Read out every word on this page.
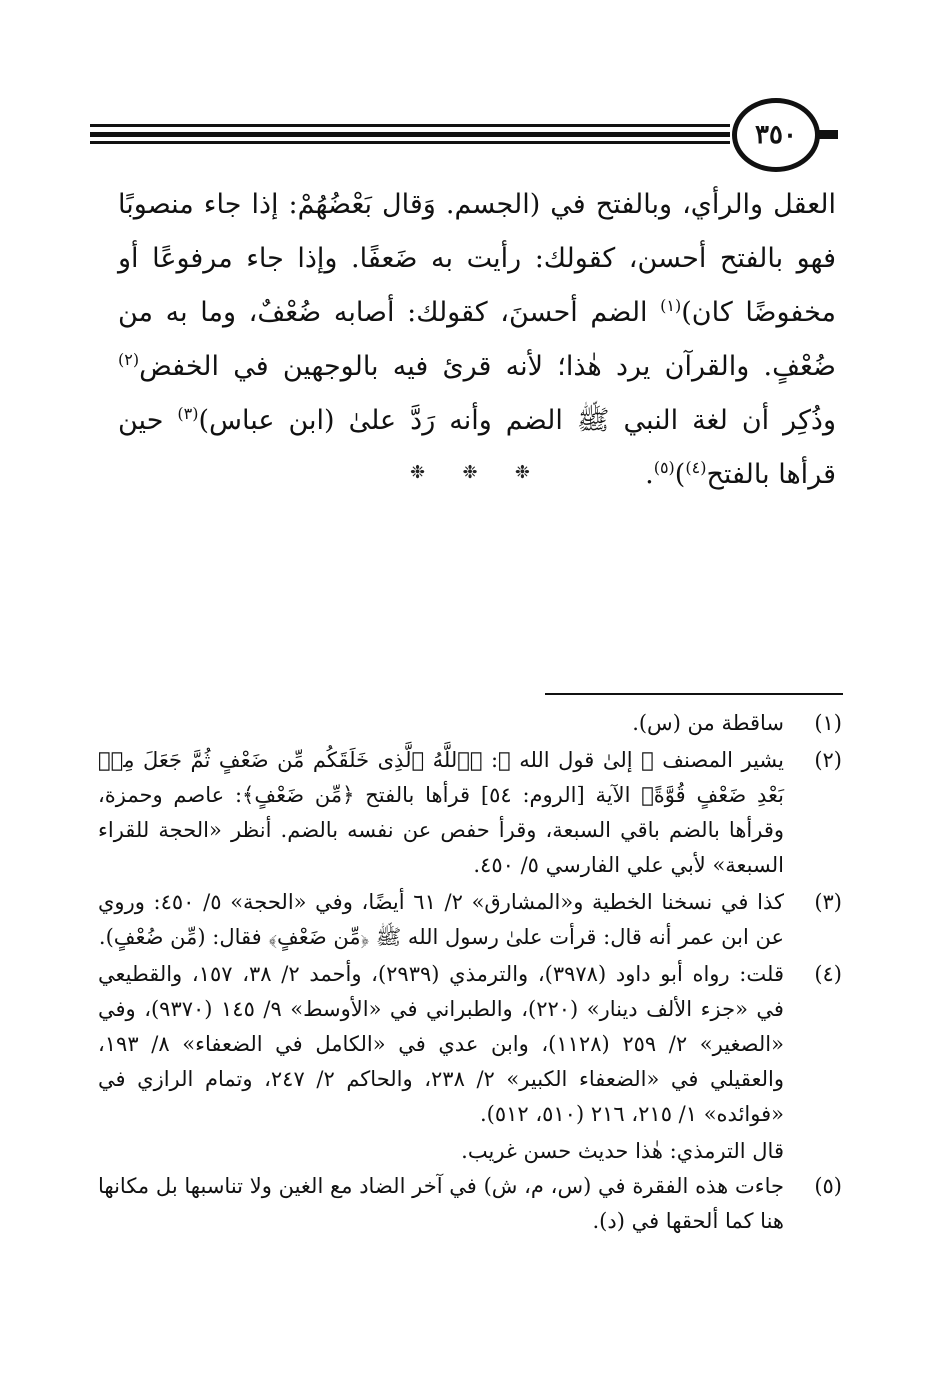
٣٥٠

العقل والرأي، وبالفتح في (الجسم. وَقال بَعْضُهُمْ: إذا جاء منصوبًا فهو بالفتح أحسن، كقولك: رأيت به ضَعفًا. وإذا جاء مرفوعًا أو مخفوضًا كان)$^{(١)}$ الضم أحسنَ، كقولك: أصابه ضُعْفٌ، وما به من ضُعْفٍ. والقرآن يرد هٰذا؛ لأنه قرئ فيه بالوجهين في الخفض$^{(٢)}$ وذُكِر أن لغة النبي ﷺ الضم وأنه رَدَّ علىٰ (ابن عباس)$^{(٣)}$ حين قرأها بالفتح$^{(٤)}$)$^{(٥)}$.

❉ ❉ ❉
(١)
ساقطة من (س).
(٢)
يشير المصنف ﷺ إلىٰ قول الله ﷻ: ﴿ٱللَّهُ ٱلَّذِى خَلَقَكُم مِّن ضَعْفٍ ثُمَّ جَعَلَ مِنۢ بَعْدِ ضَعْفٍ قُوَّةً﴾ الآية [الروم: ٥٤] قرأها بالفتح ﴿مِّن ضَعْفٍ﴾: عاصم وحمزة، وقرأها بالضم باقي السبعة، وقرأ حفص عن نفسه بالضم. أنظر «الحجة للقراء السبعة» لأبي علي الفارسي ٥/ ٤٥٠.
(٣)
كذا في نسخنا الخطية و«المشارق» ٢/ ٦١ أيضًا، وفي «الحجة» ٥/ ٤٥٠: وروي عن ابن عمر أنه قال: قرأت علىٰ رسول الله ﷺ ﴿مِّن ضَعْفٍ﴾ فقال: (مِّن ضُعْفٍ).
(٤)
قلت: رواه أبو داود (٣٩٧٨)، والترمذي (٢٩٣٩)، وأحمد ٢/ ٣٨، ١٥٧، والقطيعي في «جزء الألف دينار» (٢٢٠)، والطبراني في «الأوسط» ٩/ ١٤٥ (٩٣٧٠)، وفي «الصغير» ٢/ ٢٥٩ (١١٢٨)، وابن عدي في «الكامل في الضعفاء» ٨/ ١٩٣، والعقيلي في «الضعفاء الكبير» ٢/ ٢٣٨، والحاكم ٢/ ٢٤٧، وتمام الرازي في «فوائده» ١/ ٢١٥، ٢١٦ (٥١٠، ٥١٢).
قال الترمذي: هٰذا حديث حسن غريب.
(٥)
جاءت هذه الفقرة في (س، م، ش) في آخر الضاد مع الغين ولا تناسبها بل مكانها هنا كما ألحقها في (د).
